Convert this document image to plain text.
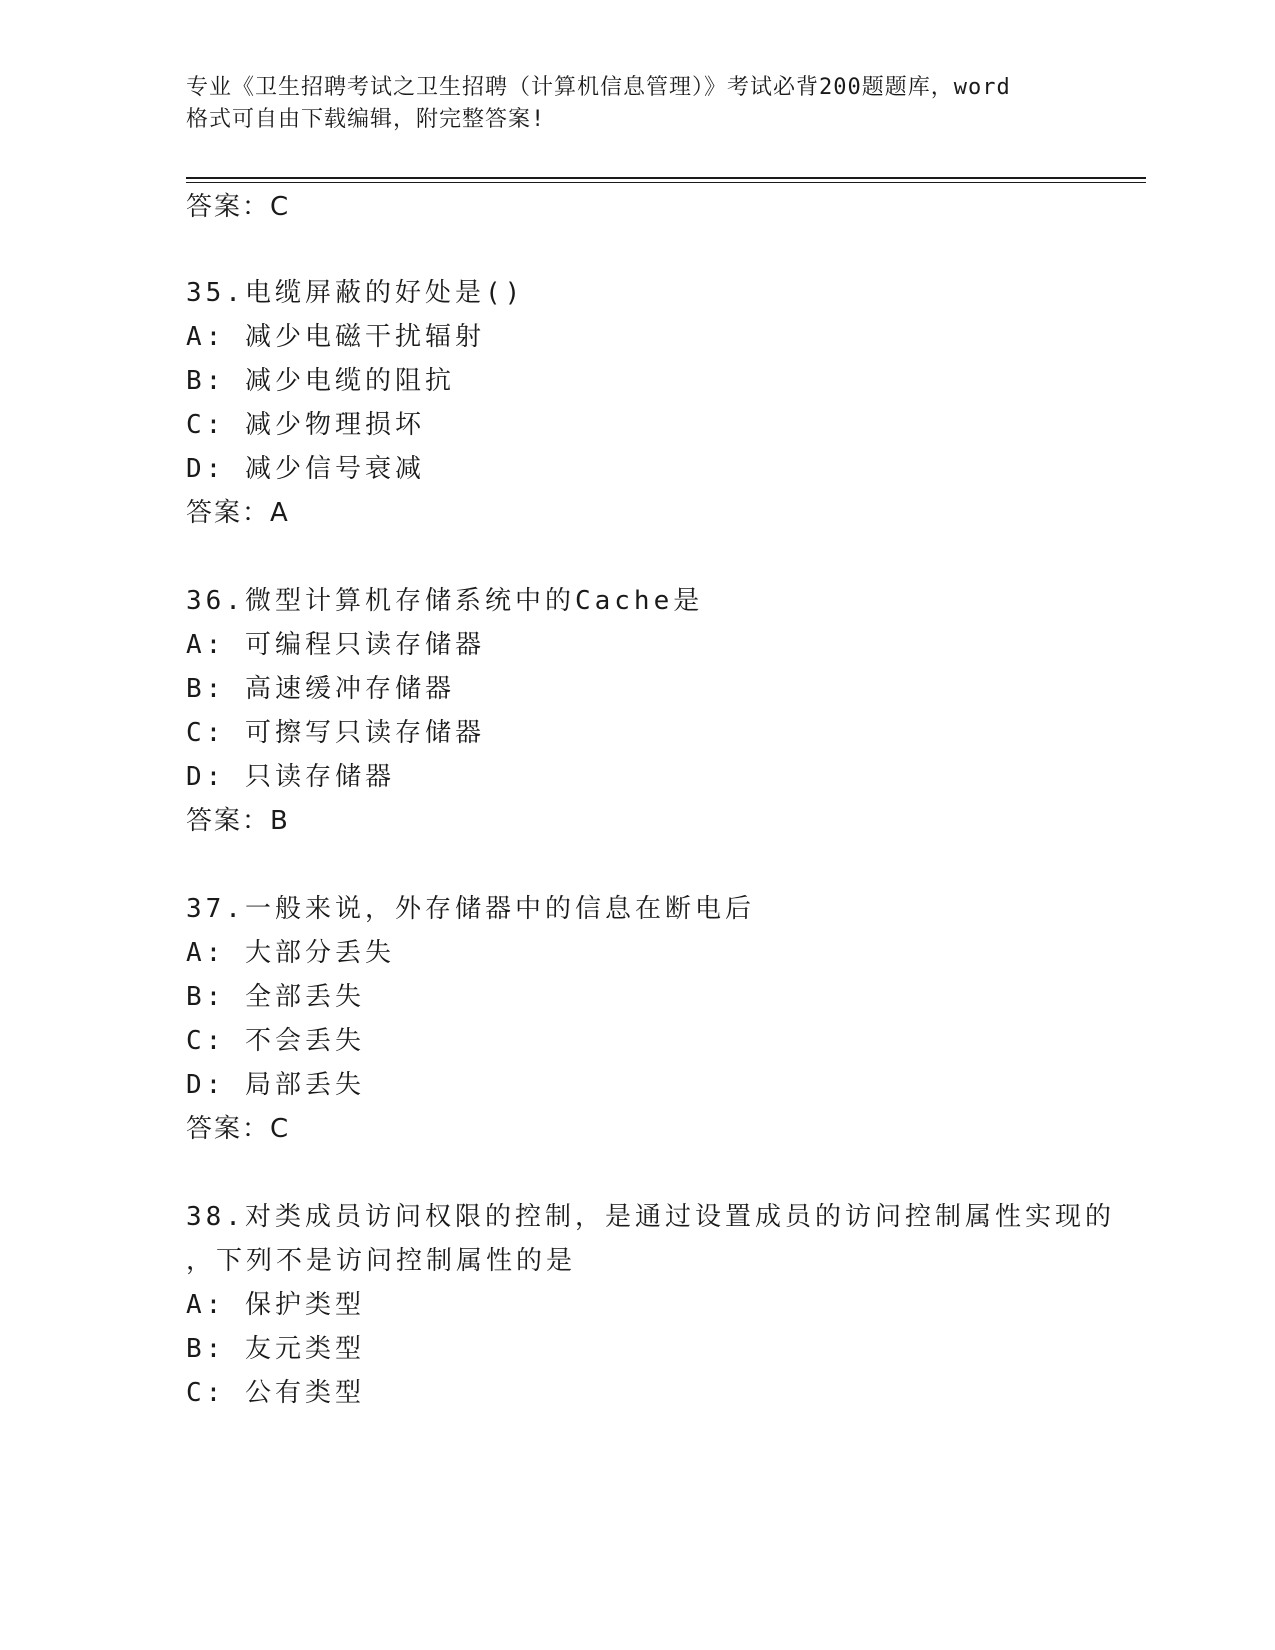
专业《卫生招聘考试之卫生招聘（计算机信息管理）》考试必背200题题库，word
格式可自由下载编辑，附完整答案!
答案：C
35.电缆屏蔽的好处是()
A: 减少电磁干扰辐射
B: 减少电缆的阻抗
C: 减少物理损坏
D: 减少信号衰减
答案：A
36.微型计算机存储系统中的Cache是
A: 可编程只读存储器
B: 高速缓冲存储器
C: 可擦写只读存储器
D: 只读存储器
答案：B
37.一般来说，外存储器中的信息在断电后
A: 大部分丢失
B: 全部丢失
C: 不会丢失
D: 局部丢失
答案：C
38.对类成员访问权限的控制，是通过设置成员的访问控制属性实现的
，下列不是访问控制属性的是
A: 保护类型
B: 友元类型
C: 公有类型
